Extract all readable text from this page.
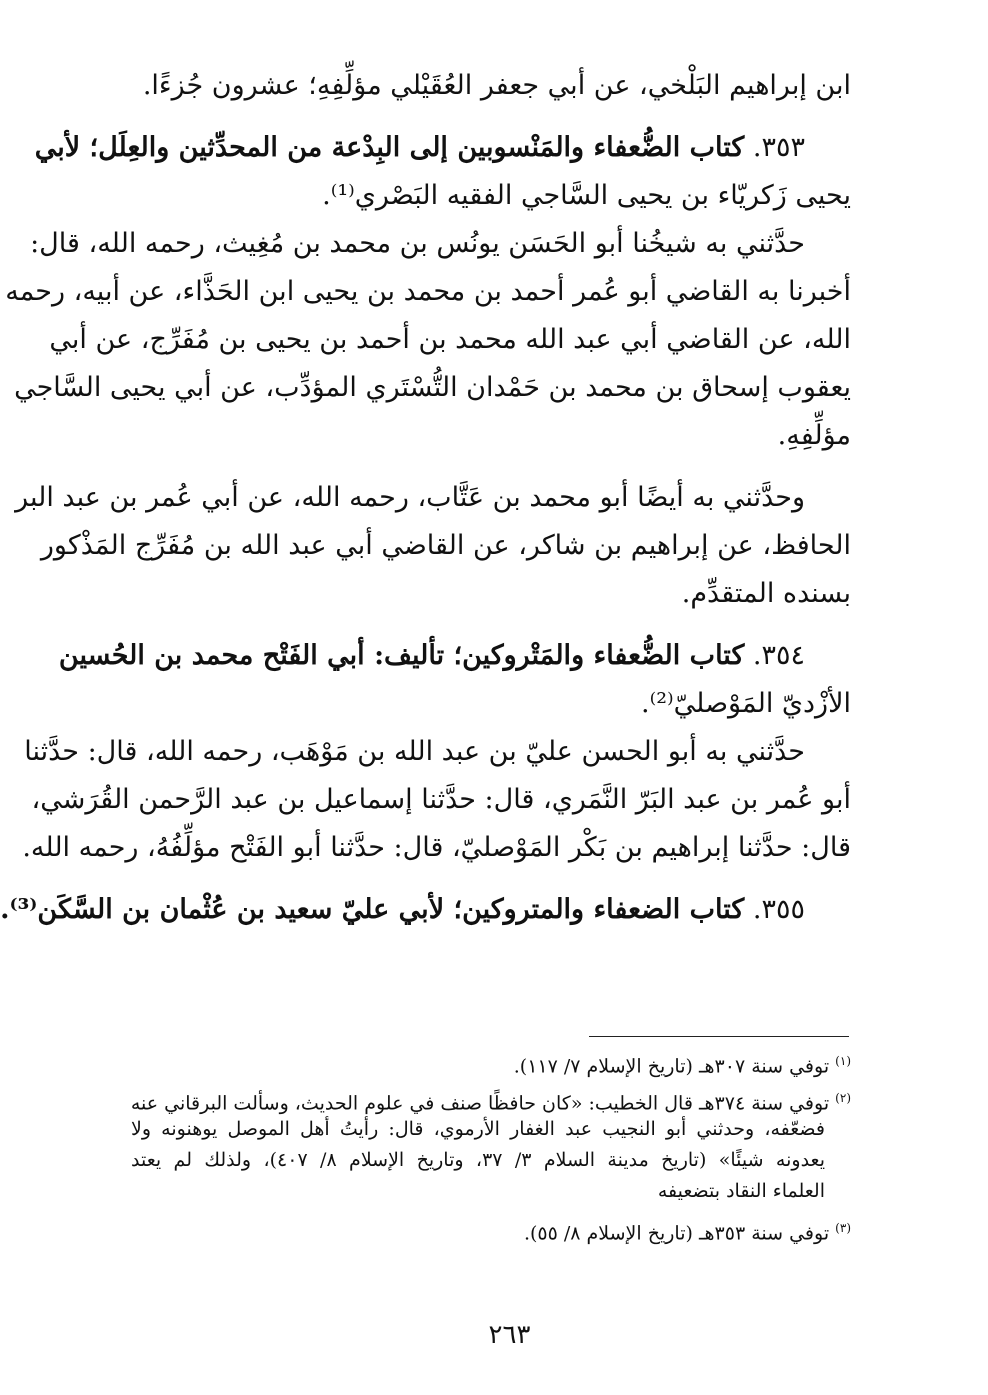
ابن إبراهيم البَلْخي، عن أبي جعفر العُقَيْلي مؤلِّفِهِ؛ عشرون جُزءًا.
٣٥٣. كتاب الضُّعفاء والمَنْسوبين إلى البِدْعة من المحدِّثين والعِلَل؛ لأبي
يحيى زَكريّاء بن يحيى السَّاجي الفقيه البَصْري⁽¹⁾.
حدَّثني به شيخُنا أبو الحَسَن يونُس بن محمد بن مُغِيث، رحمه الله، قال:
أخبرنا به القاضي أبو عُمر أحمد بن محمد بن يحيى ابن الحَذَّاء، عن أبيه، رحمه
الله، عن القاضي أبي عبد الله محمد بن أحمد بن يحيى بن مُفَرِّج، عن أبي
يعقوب إسحاق بن محمد بن حَمْدان التُّسْتَري المؤدِّب، عن أبي يحيى السَّاجي
مؤلِّفِهِ.
وحدَّثني به أيضًا أبو محمد بن عَتَّاب، رحمه الله، عن أبي عُمر بن عبد البر
الحافظ، عن إبراهيم بن شاكر، عن القاضي أبي عبد الله بن مُفَرِّج المَذْكور
بسنده المتقدِّم.
٣٥٤. كتاب الضُّعفاء والمَتْروكين؛ تأليف: أبي الفَتْح محمد بن الحُسين
الأزْديّ المَوْصليّ⁽²⁾.
حدَّثني به أبو الحسن عليّ بن عبد الله بن مَوْهَب، رحمه الله، قال: حدَّثنا
أبو عُمر بن عبد البَرّ النَّمَري، قال: حدَّثنا إسماعيل بن عبد الرَّحمن القُرَشي،
قال: حدَّثنا إبراهيم بن بَكْر المَوْصليّ، قال: حدَّثنا أبو الفَتْح مؤلِّفُهُ، رحمه الله.
٣٥٥. كتاب الضعفاء والمتروكين؛ لأبي عليّ سعيد بن عُثْمان بن السَّكَن⁽³⁾.
$^{(١)}$ توفي سنة ٣٠٧هـ (تاريخ الإسلام ٧/ ١١٧).
$^{(٢)}$ توفي سنة ٣٧٤هـ قال الخطيب: «كان حافظًا صنف في علوم الحديث، وسألت البرقاني عنه
فضعّفه، وحدثني أبو النجيب عبد الغفار الأرموي، قال: رأيتُ أهل الموصل يوهنونه ولا
يعدونه شيئًا» (تاريخ مدينة السلام ٣/ ٣٧، وتاريخ الإسلام ٨/ ٤٠٧)، ولذلك لم يعتد
العلماء النقاد بتضعيفه
$^{(٣)}$ توفي سنة ٣٥٣هـ (تاريخ الإسلام ٨/ ٥٥).
٢٦٣
